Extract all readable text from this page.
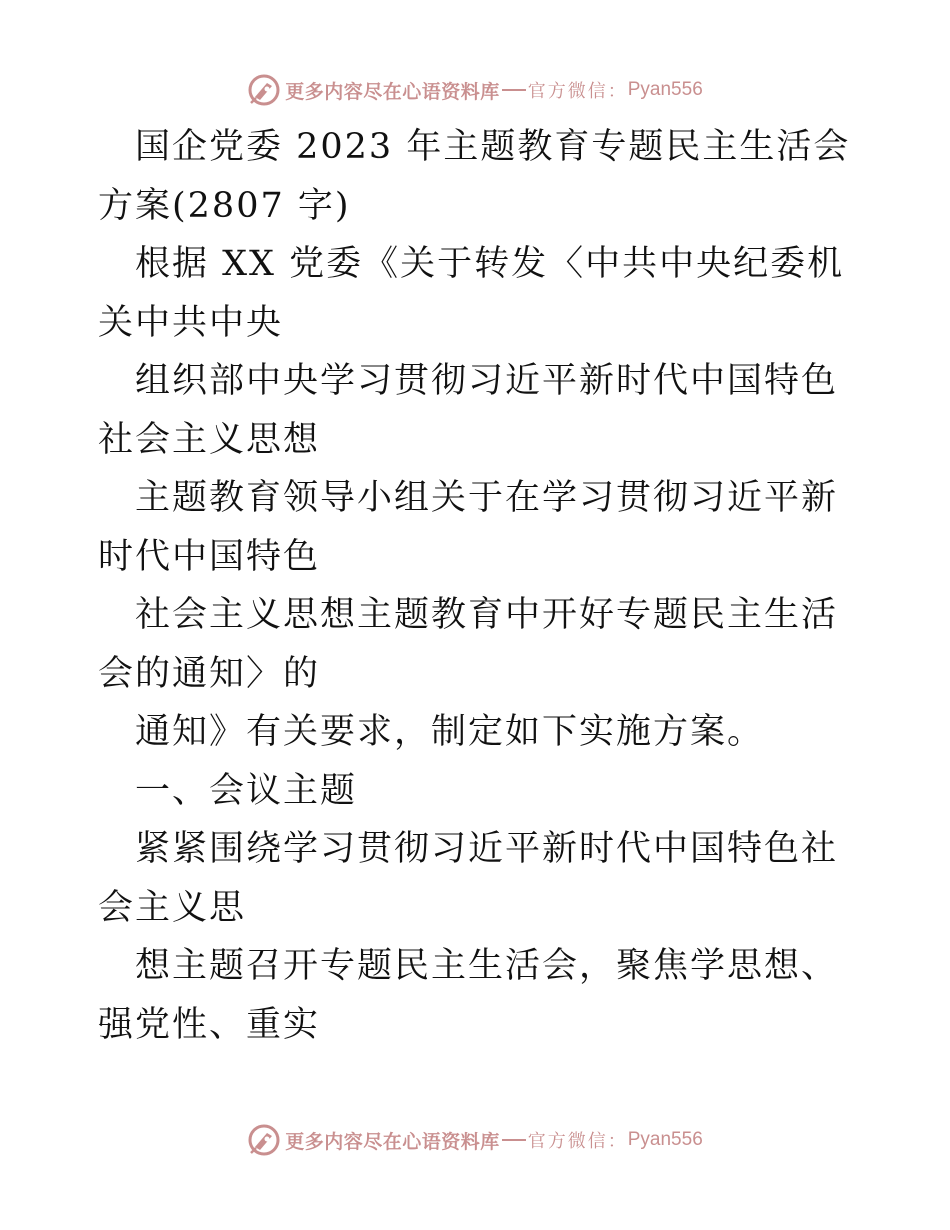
更多内容尽在心语资料库 官方微信： Pyan556

国企党委 2023 年主题教育专题民主生活会方案(2807 字)

根据 XX 党委《关于转发〈中共中央纪委机关中共中央

组织部中央学习贯彻习近平新时代中国特色社会主义思想

主题教育领导小组关于在学习贯彻习近平新时代中国特色

社会主义思想主题教育中开好专题民主生活会的通知〉的

通知》有关要求，制定如下实施方案。

一、会议主题

紧紧围绕学习贯彻习近平新时代中国特色社会主义思

想主题召开专题民主生活会，聚焦学思想、强党性、重实

更多内容尽在心语资料库 官方微信： Pyan556
